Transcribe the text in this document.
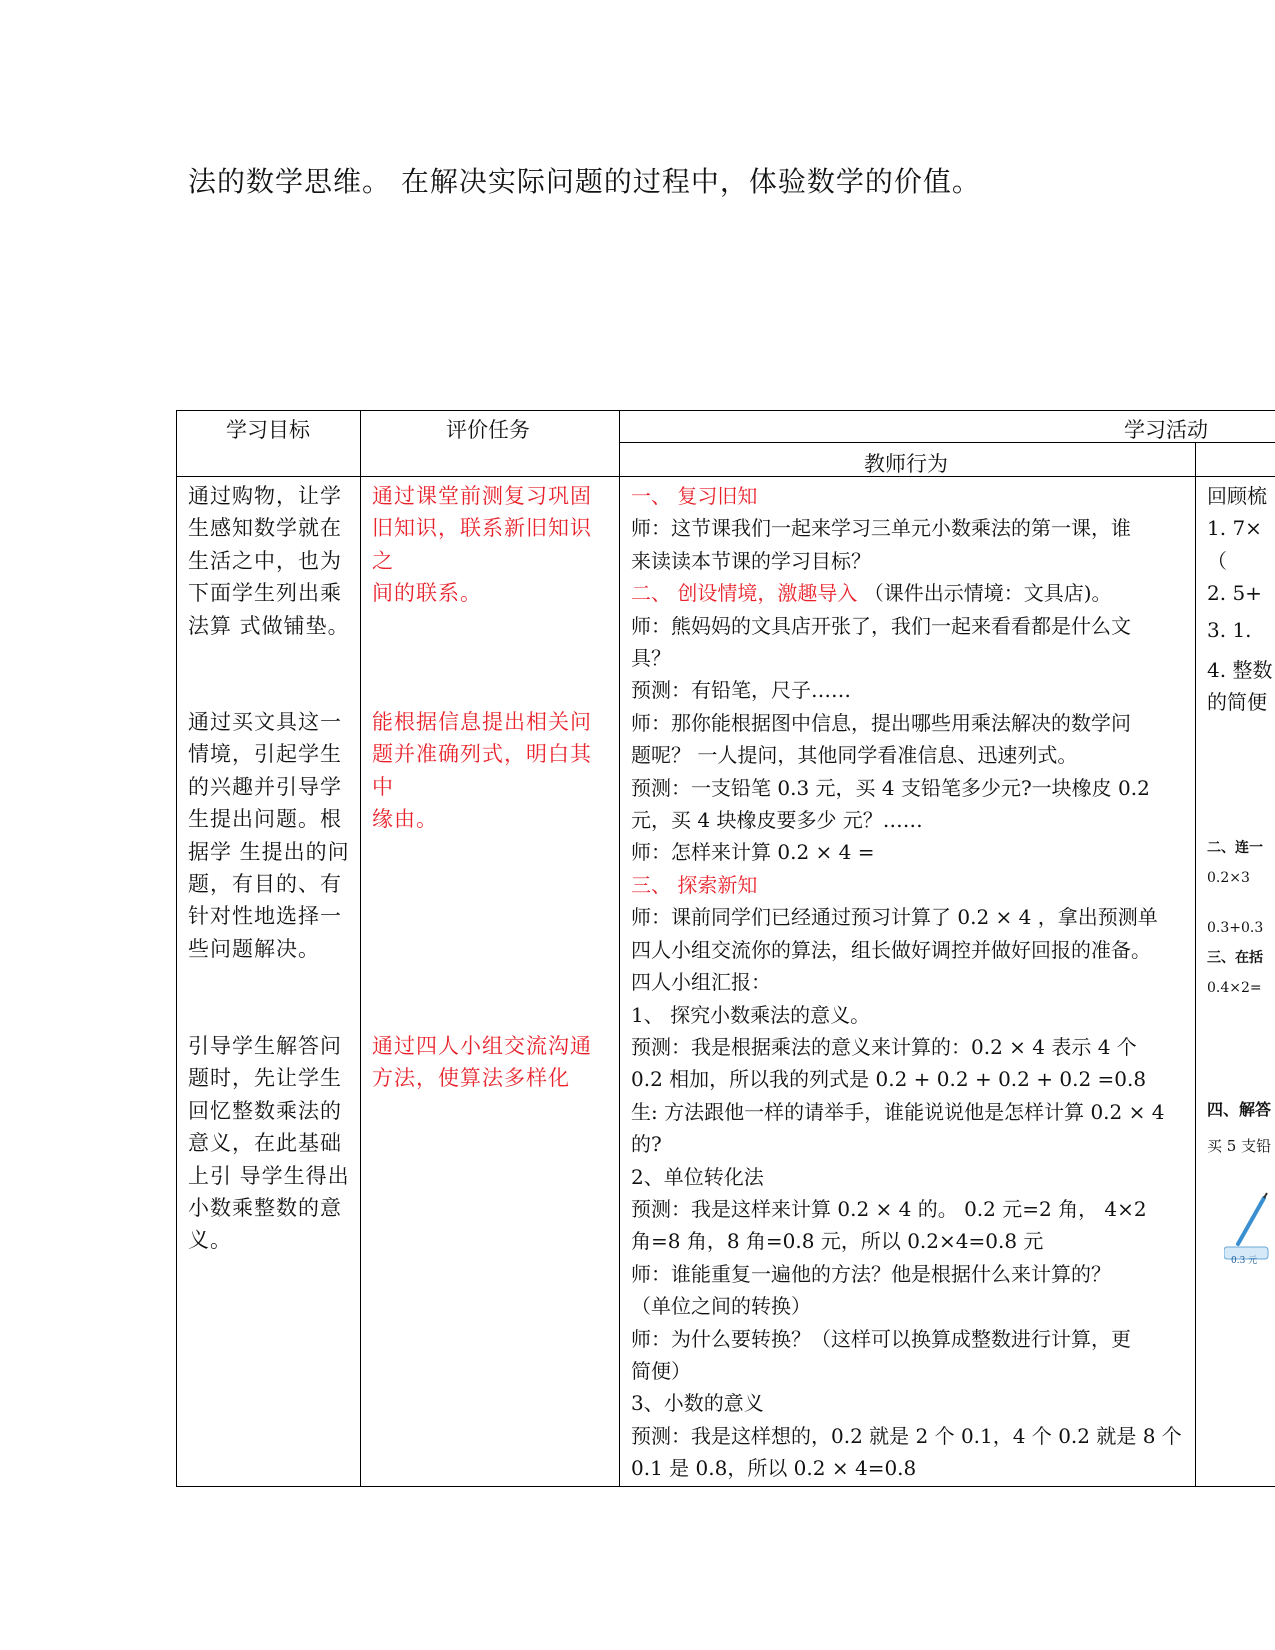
法的数学思维。 在解决实际问题的过程中，体验数学的价值。
学习目标	评价任务	学习活动
教师行为
通过购物，让学
生感知数学就在
生活之中，也为
下面学生列出乘
法算 式做铺垫。
通过买文具这一
情境，引起学生
的兴趣并引导学
生提出问题。根
据学 生提出的问
题，有目的、有
针对性地选择一
些问题解决。
引导学生解答问
题时，先让学生
回忆整数乘法的
意义，在此基础
上引 导学生得出
小数乘整数的意
义。
通过课堂前测复习巩固
旧知识，联系新旧知识之
间的联系。
能根据信息提出相关问
题并准确列式，明白其中
缘由。
通过四人小组交流沟通
方法，使算法多样化
一、 复习旧知
师：这节课我们一起来学习三单元小数乘法的第一课，谁
来读读本节课的学习目标？
二、 创设情境，激趣导入 （课件出示情境：文具店)。
师：熊妈妈的文具店开张了，我们一起来看看都是什么文
具？
预测：有铅笔，尺子……
师：那你能根据图中信息，提出哪些用乘法解决的数学问
题呢？ 一人提问，其他同学看准信息、迅速列式。
预测：一支铅笔 0.3 元，买 4 支铅笔多少元?一块橡皮 0.2
元，买 4 块橡皮要多少 元？……
师：怎样来计算 0.2 × 4 =
三、 探索新知
师：课前同学们已经通过预习计算了 0.2 × 4 ，拿出预测单
四人小组交流你的算法，组长做好调控并做好回报的准备。
四人小组汇报：
1、 探究小数乘法的意义。
预测：我是根据乘法的意义来计算的：0.2 × 4 表示 4 个
0.2 相加，所以我的列式是 0.2 + 0.2 + 0.2 + 0.2 =0.8
生: 方法跟他一样的请举手，谁能说说他是怎样计算 0.2 × 4
的?
2、单位转化法
预测：我是这样来计算 0.2 × 4 的。 0.2 元=2 角， 4×2
角=8 角，8 角=0.8 元，所以 0.2×4=0.8 元
师：谁能重复一遍他的方法？他是根据什么来计算的？
（单位之间的转换）
师：为什么要转换？（这样可以换算成整数进行计算，更
简便）
3、小数的意义
预测：我是这样想的，0.2 就是 2 个 0.1，4 个 0.2 就是 8 个
0.1 是 0.8，所以 0.2 × 4=0.8
回顾梳
1. 7×
（
2. 5+
3. 1.
4. 整数
的简便
二、连一
0.2×3
0.3+0.3
三、在括
0.4×2=
四、解答
买 5 支铅
0.3 元
